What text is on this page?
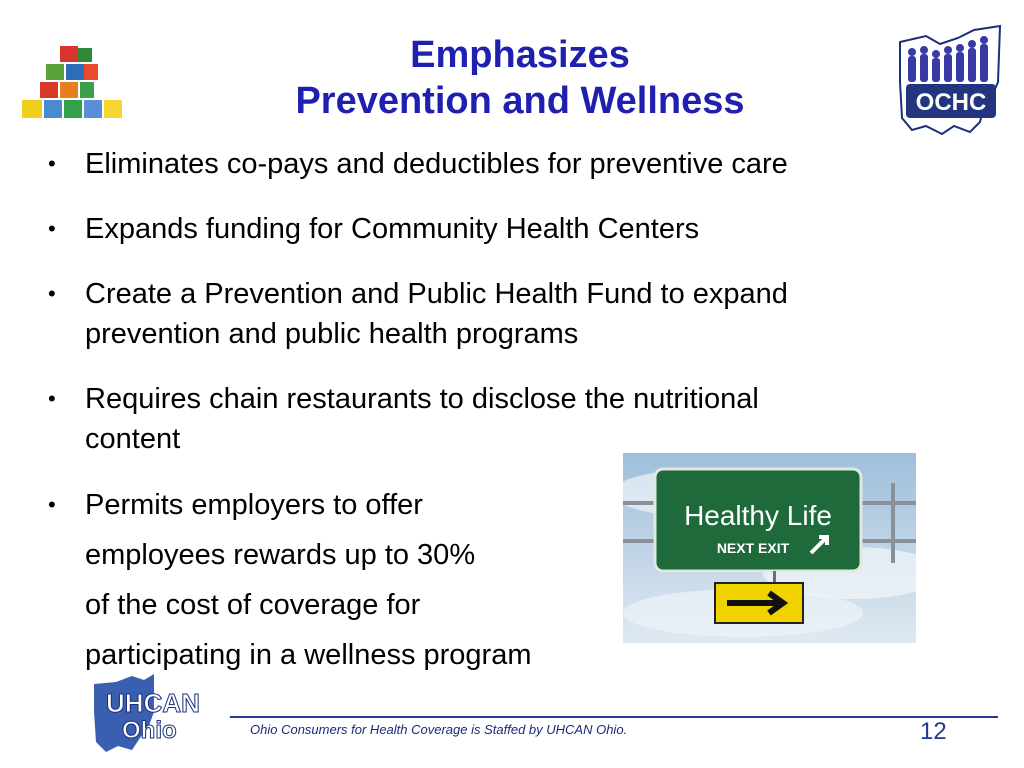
Emphasizes
Prevention and Wellness	OCHC
•	Eliminates co-pays and deductibles for preventive care
•	Expands funding for Community Health Centers
•	Create a Prevention and Public Health Fund to expand
prevention and public health programs
•	Requires chain restaurants to disclose the nutritional
content
•	Permits employers to offer
employees rewards up to 30%
of the cost of coverage for
participating in a wellness program
Healthy Life
NEXT EXIT
UHCAN
Ohio	Ohio Consumers for Health Coverage is Staffed by UHCAN Ohio.	12
